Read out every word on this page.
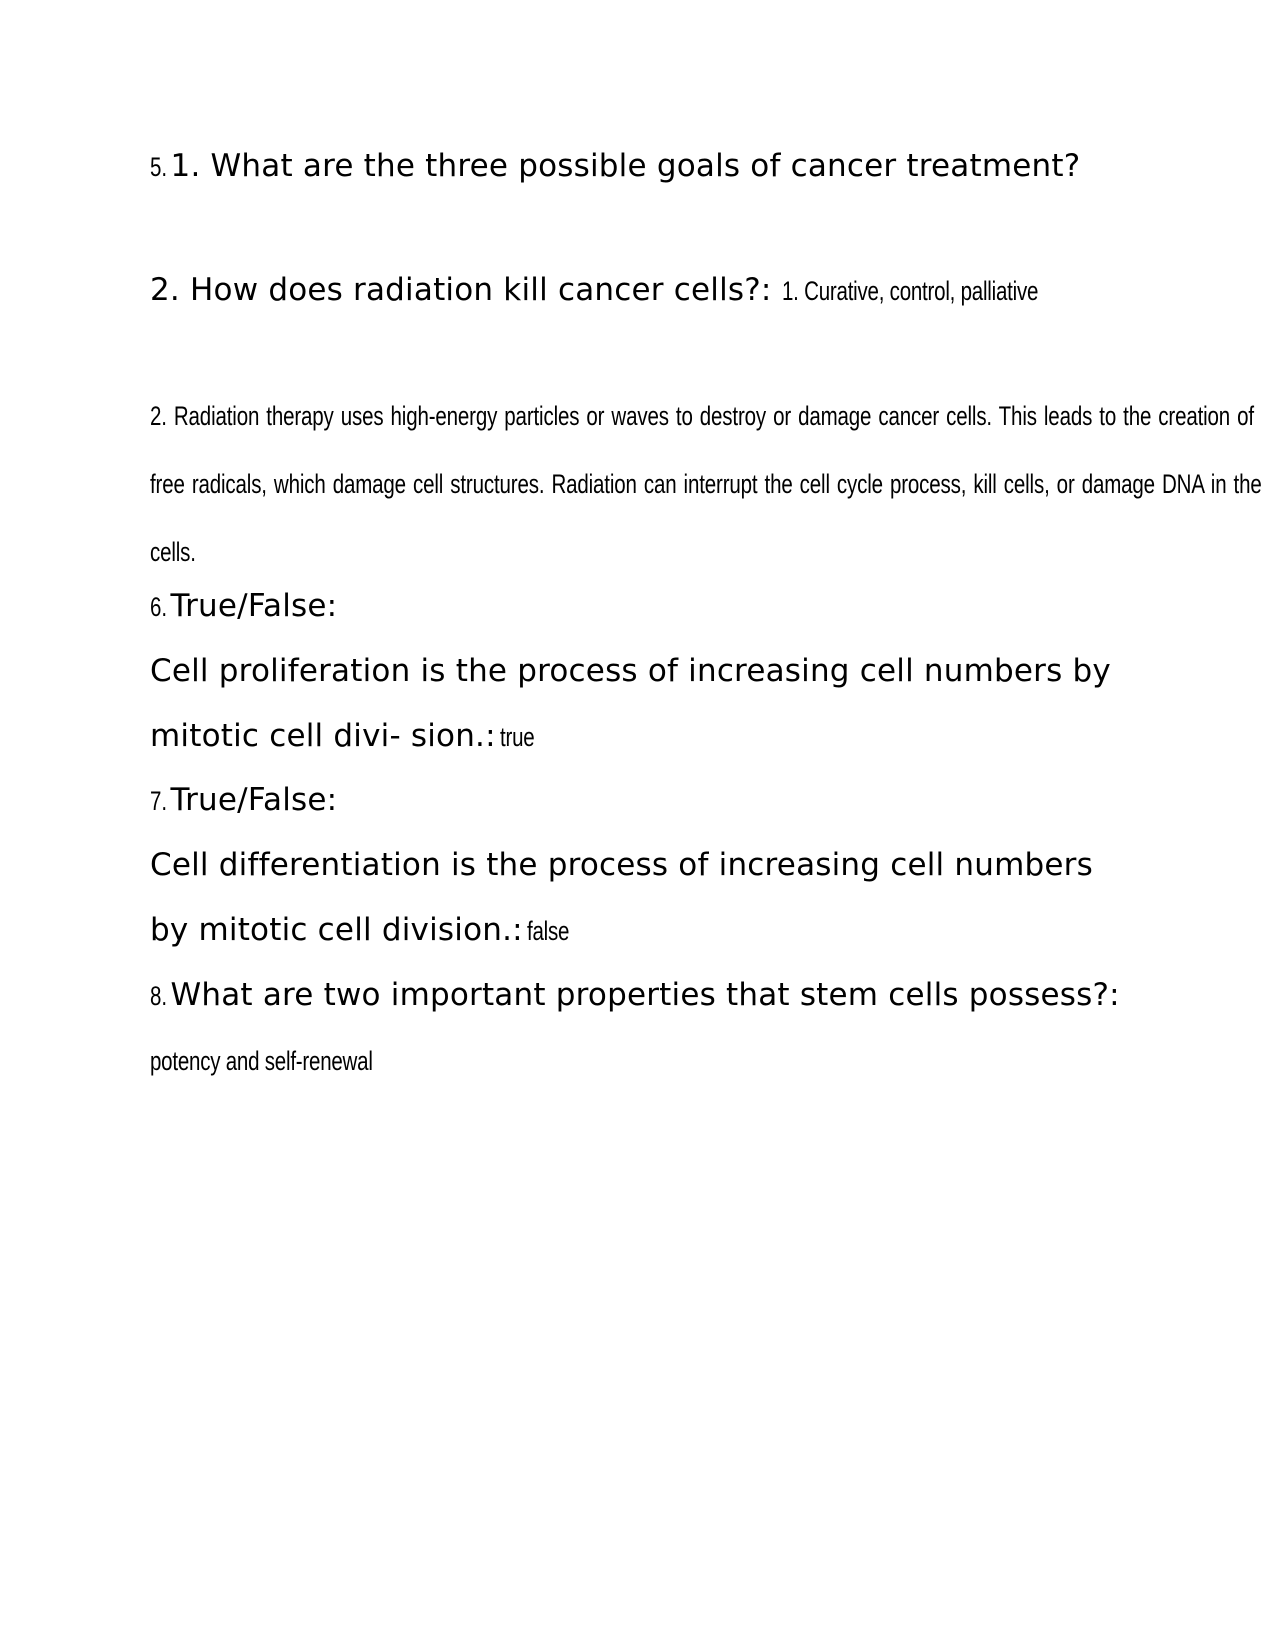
5. 1. What are the three possible goals of cancer treatment?
2. How does radiation kill cancer cells?: 1. Curative, control, palliative
2. Radiation therapy uses high-energy particles or waves to destroy or damage cancer cells. This leads to the creation of free radicals, which damage cell structures. Radiation can interrupt the cell cycle process, kill cells, or damage DNA in the cells.
6. True/False:
Cell proliferation is the process of increasing cell numbers by
mitotic cell divi- sion.: true
7. True/False:
Cell differentiation is the process of increasing cell numbers
by mitotic cell division.: false
8. What are two important properties that stem cells possess?:
potency and self-renewal
